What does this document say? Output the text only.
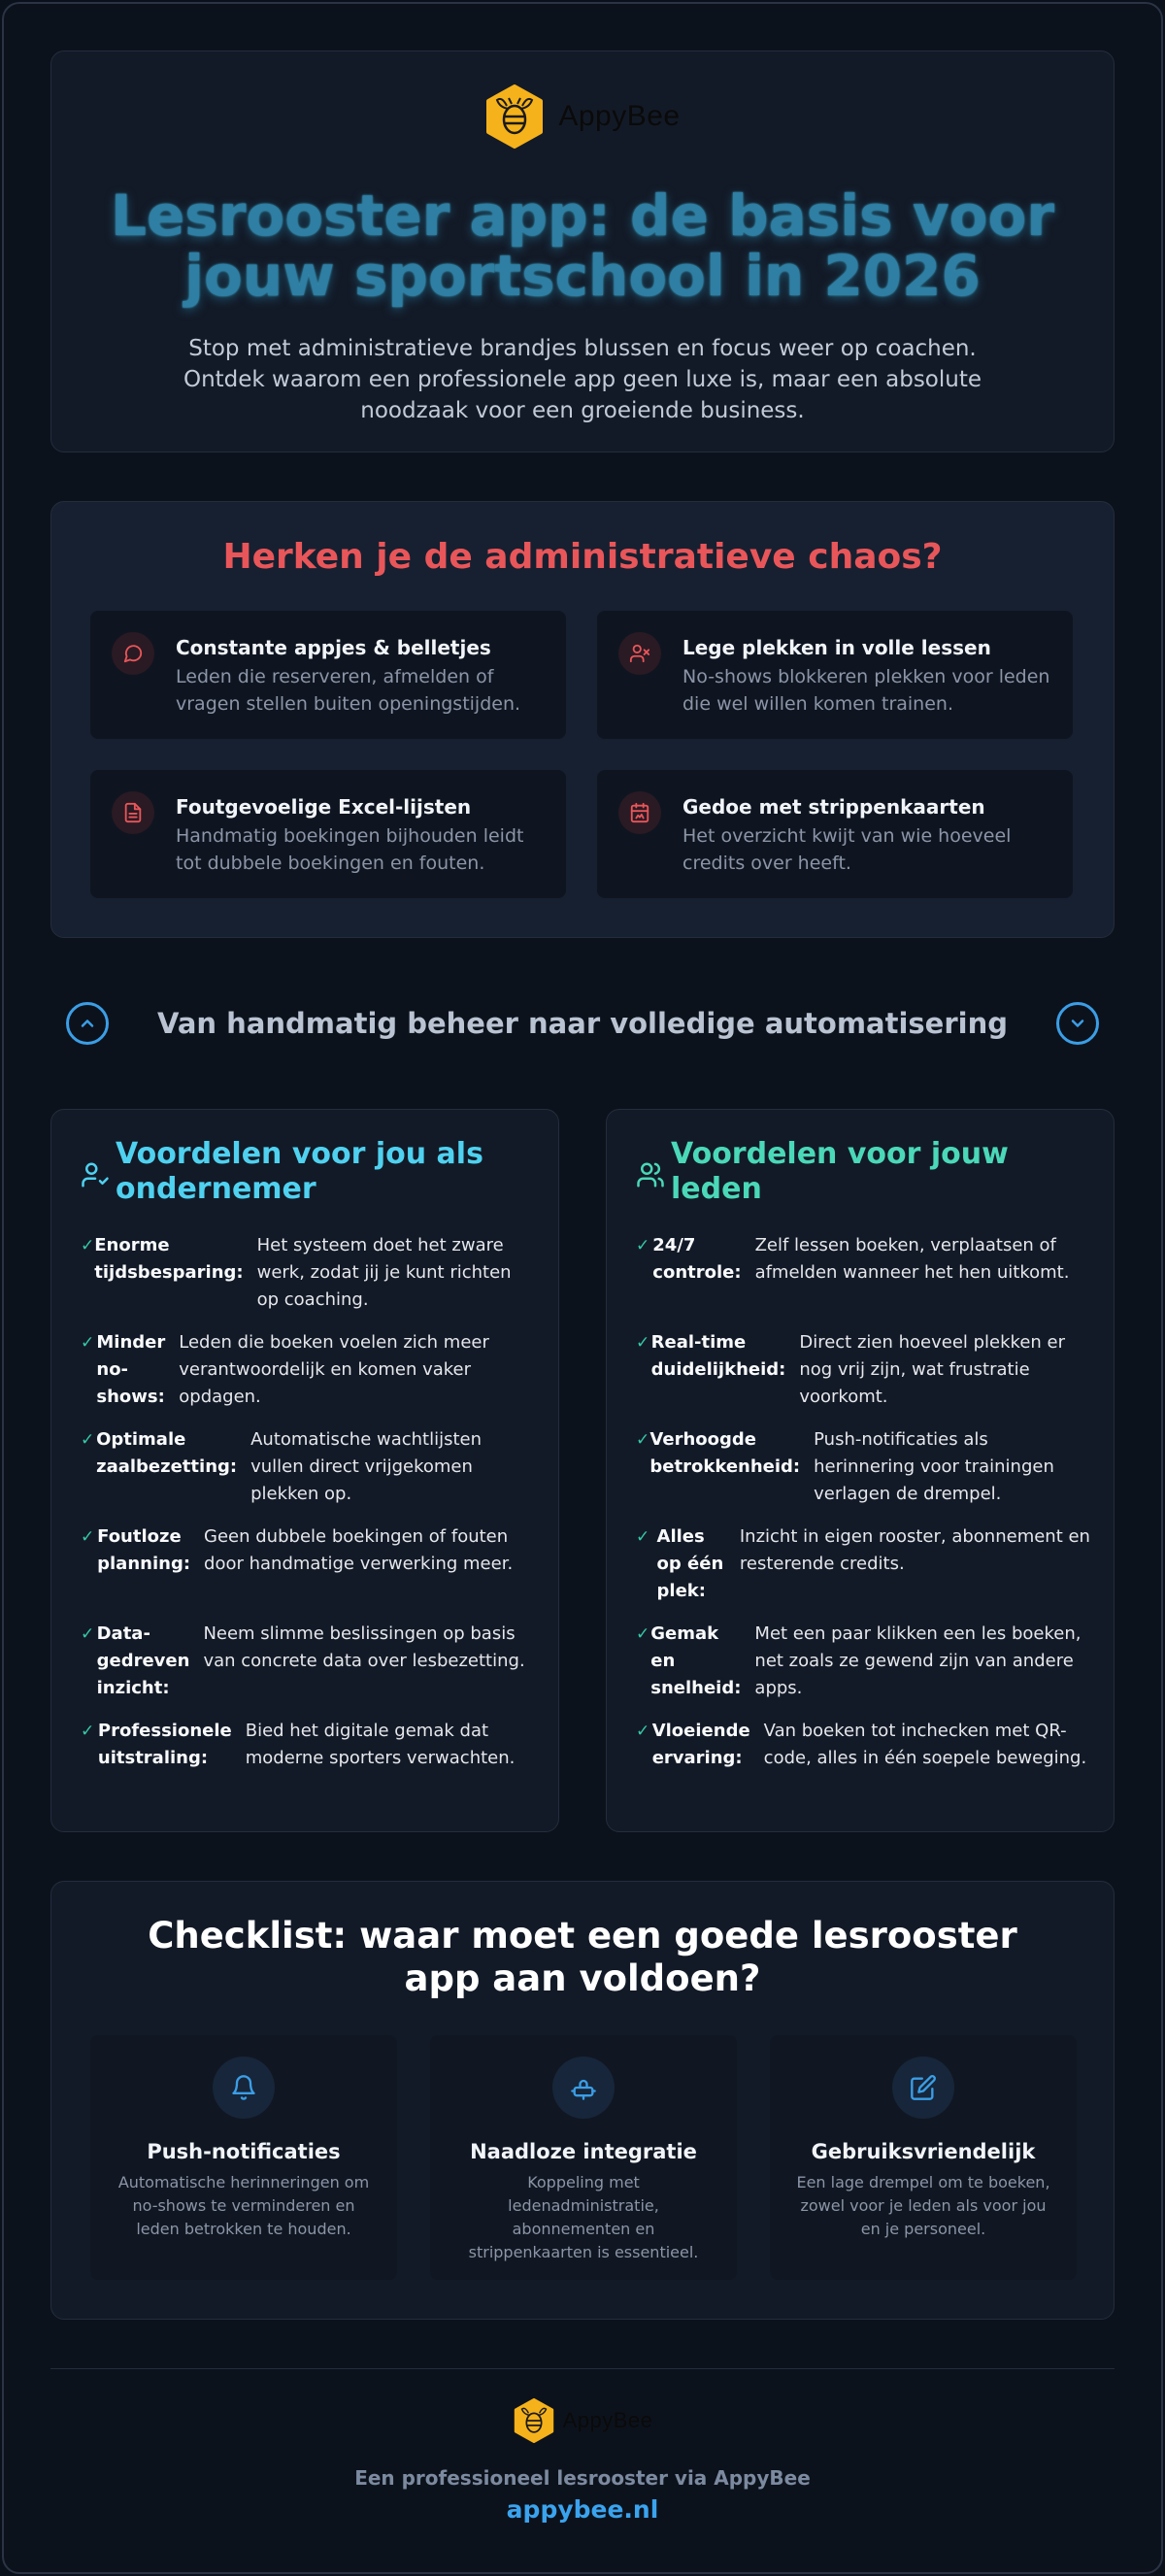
AppyBee
Lesrooster app: de basis voor jouw sportschool in 2026

Stop met administratieve brandjes blussen en focus weer op coachen. Ontdek waarom een professionele app geen luxe is, maar een absolute noodzaak voor een groeiende business.

Herken je de administratieve chaos?
Constante appjes & belletjes

Leden die reserveren, afmelden of vragen stellen buiten openingstijden.

Lege plekken in volle lessen

No-shows blokkeren plekken voor leden die wel willen komen trainen.

Foutgevoelige Excel-lijsten

Handmatig boekingen bijhouden leidt tot dubbele boekingen en fouten.

Gedoe met strippenkaarten

Het overzicht kwijt van wie hoeveel credits over heeft.

Van handmatig beheer naar volledige automatisering
Voordelen voor jou als ondernemer
✓ Enorme tijdsbesparing:
Het systeem doet het zware werk, zodat jij je kunt richten op coaching.
✓ Minder no-shows:
Leden die boeken voelen zich meer verantwoordelijk en komen vaker opdagen.
✓ Optimale zaalbezetting:
Automatische wachtlijsten vullen direct vrijgekomen plekken op.
✓ Foutloze planning:
Geen dubbele boekingen of fouten door handmatige verwerking meer.
✓ Data-gedreven inzicht:
Neem slimme beslissingen op basis van concrete data over lesbezetting.
✓ Professionele uitstraling:
Bied het digitale gemak dat moderne sporters verwachten.
Voordelen voor jouw leden
✓ 24/7 controle:
Zelf lessen boeken, verplaatsen of afmelden wanneer het hen uitkomt.
✓ Real-time duidelijkheid:
Direct zien hoeveel plekken er nog vrij zijn, wat frustratie voorkomt.
✓ Verhoogde betrokkenheid:
Push-notificaties als herinnering voor trainingen verlagen de drempel.
✓ Alles op één plek:
Inzicht in eigen rooster, abonnement en resterende credits.
✓ Gemak en snelheid:
Met een paar klikken een les boeken, net zoals ze gewend zijn van andere apps.
✓ Vloeiende ervaring:
Van boeken tot inchecken met QR-code, alles in één soepele beweging.
Checklist: waar moet een goede lesrooster app aan voldoen?
Push-notificaties

Automatische herinneringen om no-shows te verminderen en leden betrokken te houden.

Naadloze integratie

Koppeling met ledenadministratie, abonnementen en strippenkaarten is essentieel.

Gebruiksvriendelijk

Een lage drempel om te boeken, zowel voor je leden als voor jou en je personeel.

AppyBee
Een professioneel lesrooster via AppyBee
appybee.nl
